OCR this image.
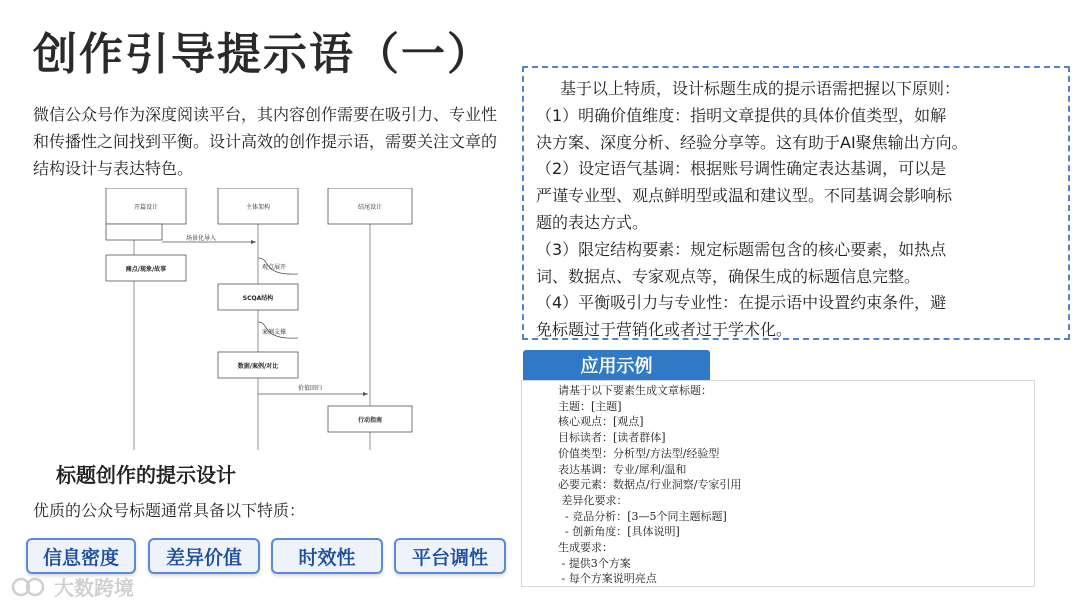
创作引导提示语（一）
微信公众号作为深度阅读平台，其内容创作需要在吸引力、专业性和传播性之间找到平衡。设计高效的创作提示语，需要关注文章的结构设计与表达特色。
开篇设计	主体架构	结尾设计
场景化导入
痛点/现象/故事	观点展开
SCQA结构
案例支撑
数据/案例/对比
价值回归
行动指南
标题创作的提示设计
优质的公众号标题通常具备以下特质：
信息密度	差异价值	时效性	平台调性
大数跨境
基于以上特质，设计标题生成的提示语需把握以下原则：
（1）明确价值维度：指明文章提供的具体价值类型，如解
决方案、深度分析、经验分享等。这有助于AI聚焦输出方向。
（2）设定语气基调：根据账号调性确定表达基调，可以是
严谨专业型、观点鲜明型或温和建议型。不同基调会影响标
题的表达方式。
（3）限定结构要素：规定标题需包含的核心要素，如热点
词、数据点、专家观点等，确保生成的标题信息完整。
（4）平衡吸引力与专业性：在提示语中设置约束条件，避
免标题过于营销化或者过于学术化。
应用示例
请基于以下要素生成文章标题：
主题：[主题]
核心观点：[观点]
目标读者：[读者群体]
价值类型：分析型/方法型/经验型
表达基调：专业/犀利/温和
必要元素：数据点/行业洞察/专家引用
差异化要求：
- 竞品分析：[3—5个同主题标题]
- 创新角度：[具体说明]
生成要求：
- 提供3个方案
- 每个方案说明亮点
